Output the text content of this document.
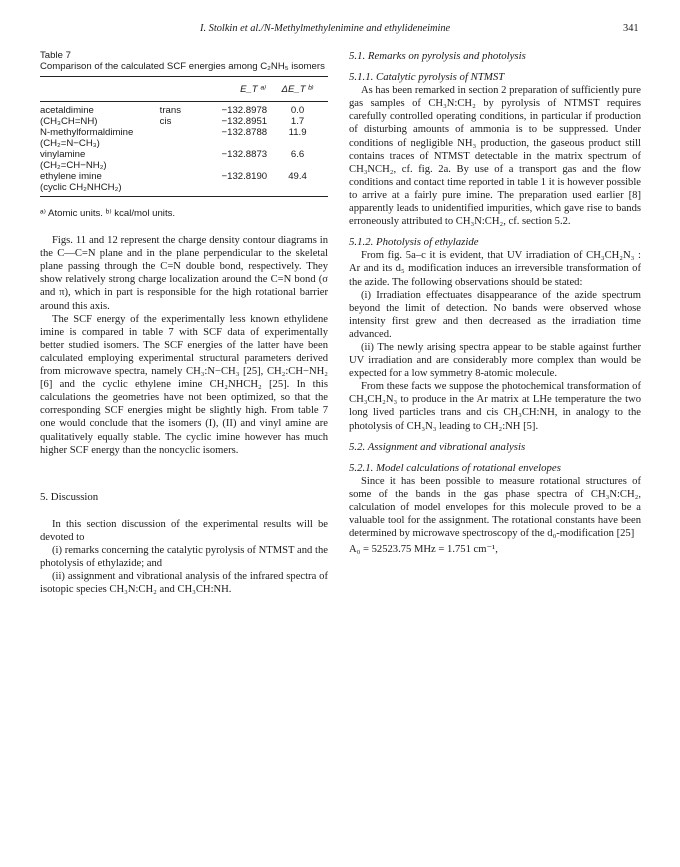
I. Stolkin et al./N-Methylmethylenimine and ethylideneimine	341
Table 7
Comparison of the calculated SCF energies among C₂NH₅ isomers
		E_T ᵃ⁾	ΔE_T ᵇ⁾
acetaldimine	trans	−132.8978	0.0
(CH₃CH=NH)	cis	−132.8951	1.7
N-methylformaldimine		−132.8788	11.9
(CH₂=N−CH₃)			
vinylamine		−132.8873	6.6
(CH₂=CH−NH₂)			
ethylene imine		−132.8190	49.4
(cyclic CH₂NHCH₂)			
ᵃ⁾ Atomic units. ᵇ⁾ kcal/mol units.

Figs. 11 and 12 represent the charge density contour diagrams in the C—C=N plane and in the plane perpendicular to the skeletal plane passing through the C=N double bond, respectively. They show relatively strong charge localization around the C=N bond (σ and π), which in part is responsible for the high rotational barrier around this axis.

The SCF energy of the experimentally less known ethylidene imine is compared in table 7 with SCF data of experimentally better studied isomers. The SCF energies of the latter have been calculated employing experimental structural parameters derived from microwave spectra, namely CH₃:N−CH₃ [25], CH₂:CH−NH₂ [6] and the cyclic ethylene imine CH₂NHCH₂ [25]. In this calculations the geometries have not been optimized, so that the corresponding SCF energies might be slightly high. From table 7 one would conclude that the isomers (I), (II) and vinyl amine are qualitatively equally stable. The cyclic imine however has much higher SCF energy than the noncyclic isomers.

5. Discussion

In this section discussion of the experimental results will be devoted to

(i) remarks concerning the catalytic pyrolysis of NTMST and the photolysis of ethylazide; and

(ii) assignment and vibrational analysis of the infrared spectra of isotopic species CH₃N:CH₂ and CH₃CH:NH.

5.1. Remarks on pyrolysis and photolysis
5.1.1. Catalytic pyrolysis of NTMST

As has been remarked in section 2 preparation of sufficiently pure gas samples of CH₃N:CH₂ by pyrolysis of NTMST requires carefully controlled operating conditions, in particular if production of disturbing amounts of ammonia is to be suppressed. Under conditions of negligible NH₃ production, the gaseous product still contains traces of NTMST detectable in the matrix spectrum of CH₃NCH₂, cf. fig. 2a. By use of a transport gas and the flow conditions and contact time reported in table 1 it is however possible to arrive at a fairly pure imine. The preparation used earlier [8] apparently leads to unidentified impurities, which gave rise to bands erroneously attributed to CH₃N:CH₂, cf. section 5.2.

5.1.2. Photolysis of ethylazide

From fig. 5a–c it is evident, that UV irradiation of CH₃CH₂N₃ : Ar and its d₅ modification induces an irreversible transformation of the azide. The following observations should be stated:

(i) Irradiation effectuates disappearance of the azide spectrum beyond the limit of detection. No bands were observed whose intensity first grew and then decreased as the irradiation time advanced.

(ii) The newly arising spectra appear to be stable against further UV irradiation and are considerably more complex than would be expected for a low symmetry 8-atomic molecule.

From these facts we suppose the photochemical transformation of CH₃CH₂N₃ to produce in the Ar matrix at LHe temperature the two long lived particles trans and cis CH₃CH:NH, in analogy to the photolysis of CH₃N₃ leading to CH₂:NH [5].

5.2. Assignment and vibrational analysis
5.2.1. Model calculations of rotational envelopes

Since it has been possible to measure rotational structures of some of the bands in the gas phase spectra of CH₃N:CH₂, calculation of model envelopes for this molecule proved to be a valuable tool for the assignment. The rotational constants have been determined by microwave spectroscopy of the d₀-modification [25]

A₀ = 52523.75 MHz = 1.751 cm⁻¹,
